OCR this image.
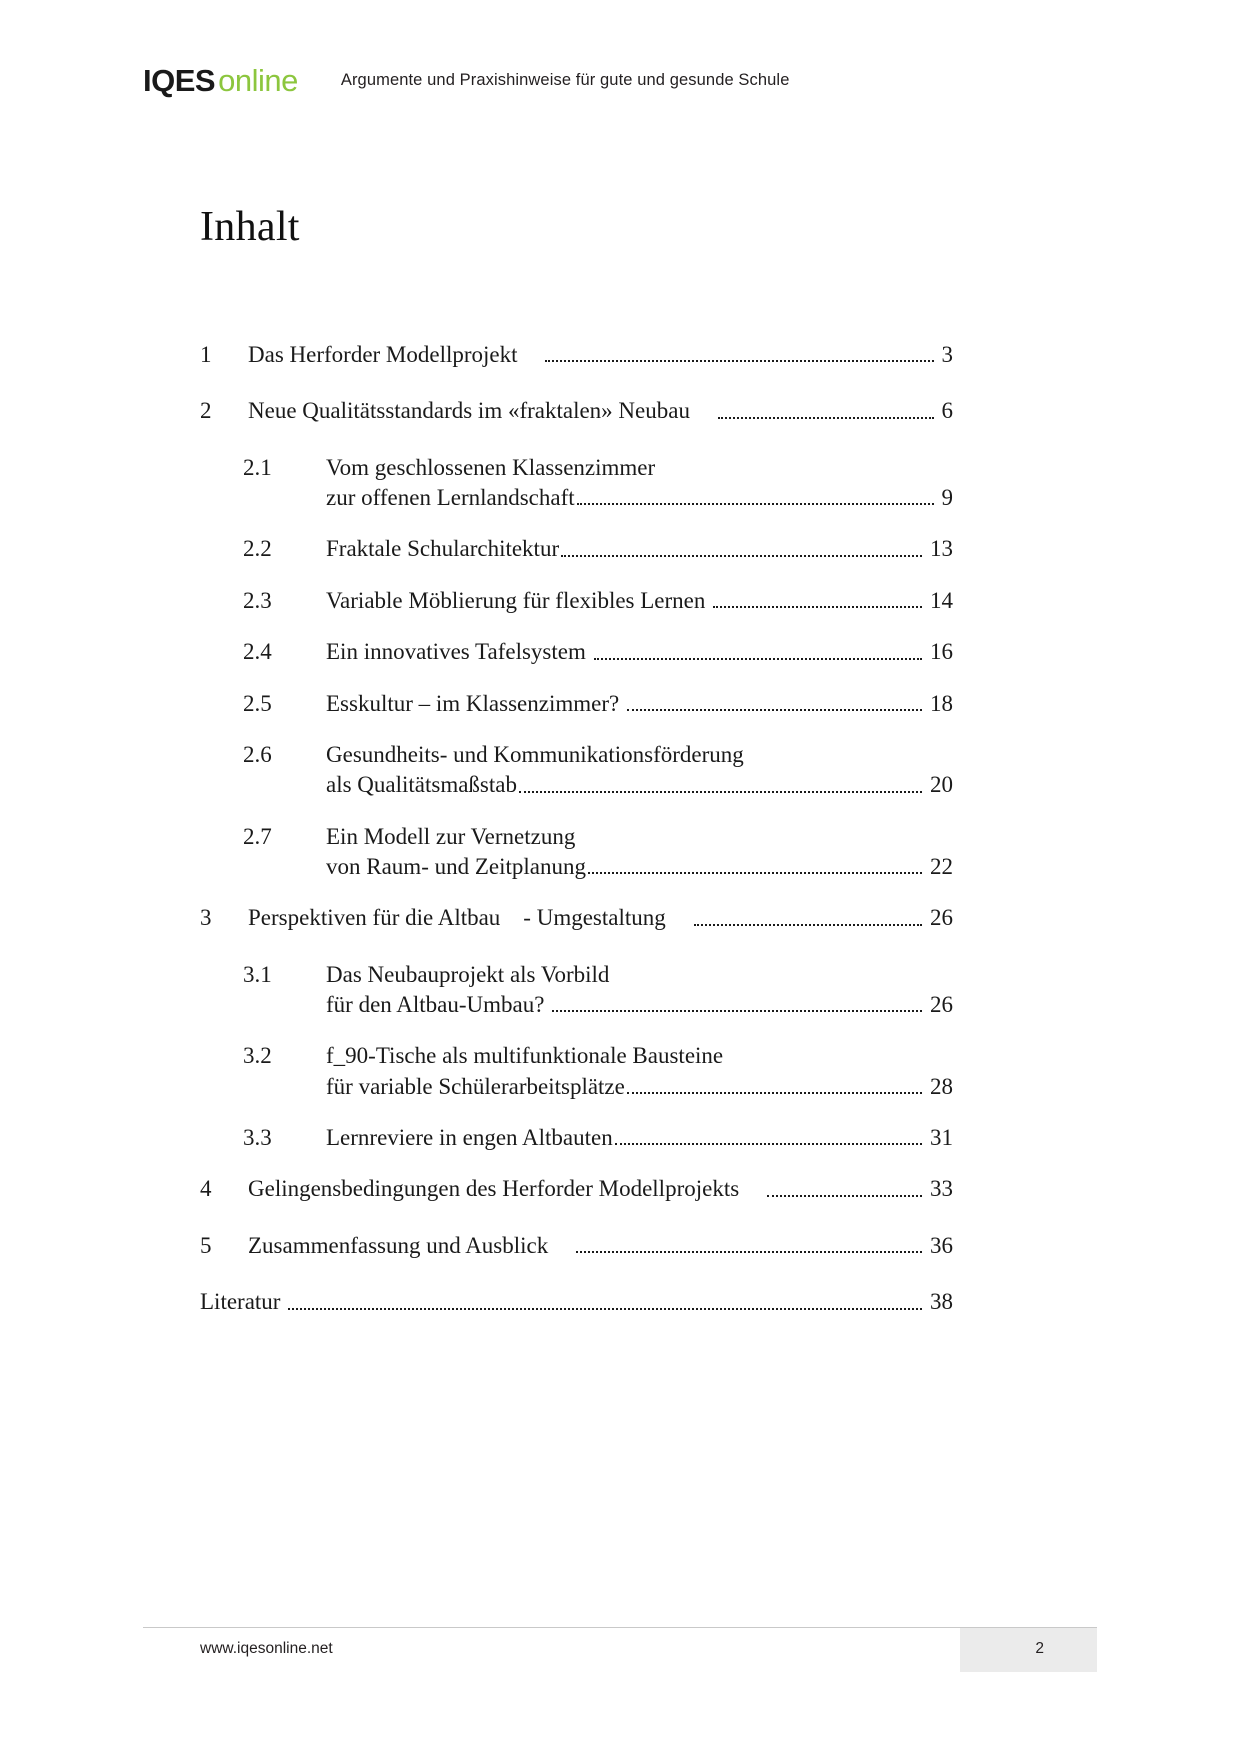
IQESonline	Argumente und Praxishinweise für gute und gesunde Schule
Inhalt
1	Das Herforder Modellprojekt	3
2	Neue Qualitätsstandards im «fraktalen» Neubau	6
2.1	Vom geschlossenen Klassenzimmer
zur offenen Lernlandschaft	9
2.2	Fraktale Schularchitektur	13
2.3	Variable Möblierung für flexibles Lernen	14
2.4	Ein innovatives Tafelsystem	16
2.5	Esskultur – im Klassenzimmer?	18
2.6	Gesundheits- und Kommunikationsförderung
als Qualitätsmaßstab	20
2.7	Ein Modell zur Vernetzung
von Raum- und Zeitplanung	22
3	Perspektiven für die Altbau    - Umgestaltung	26
3.1	Das Neubauprojekt als Vorbild
für den Altbau-Umbau?	26
3.2	f_90-Tische als multifunktionale Bausteine
für variable Schülerarbeitsplätze	28
3.3	Lernreviere in engen Altbauten	31
4	Gelingensbedingungen des Herforder Modellprojekts	33
5	Zusammenfassung und Ausblick	36
Literatur	38
www.iqesonline.net	2
